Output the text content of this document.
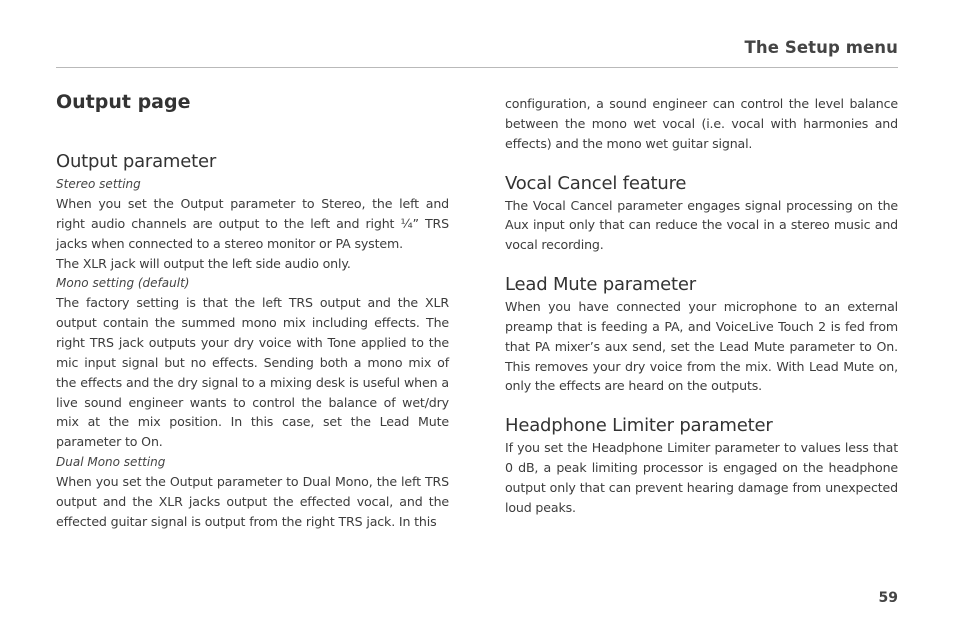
The Setup menu
Output page
Output parameter
Stereo setting

When you set the Output parameter to Stereo, the left and right audio channels are output to the left and right ¼” TRS jacks when connected to a stereo monitor or PA system.

The XLR jack will output the left side audio only.

Mono setting (default)

The factory setting is that the left TRS output and the XLR output contain the summed mono mix including effects. The right TRS jack outputs your dry voice with Tone applied to the mic input signal but no effects. Sending both a mono mix of the effects and the dry signal to a mixing desk is useful when a live sound engineer wants to control the balance of wet/dry mix at the mix position. In this case, set the Lead Mute parameter to On.

Dual Mono setting

When you set the Output parameter to Dual Mono, the left TRS output and the XLR jacks output the effected vocal, and the effected guitar signal is output from the right TRS jack. In this

configuration, a sound engineer can control the level balance between the mono wet vocal (i.e. vocal with harmonies and effects) and the mono wet guitar signal.

Vocal Cancel feature

The Vocal Cancel parameter engages signal processing on the Aux input only that can reduce the vocal in a stereo music and vocal recording.

Lead Mute parameter

When you have connected your microphone to an external preamp that is feeding a PA, and VoiceLive Touch 2 is fed from that PA mixer’s aux send, set the Lead Mute parameter to On. This removes your dry voice from the mix. With Lead Mute on, only the effects are heard on the outputs.

Headphone Limiter parameter

If you set the Headphone Limiter parameter to values less that 0 dB, a peak limiting processor is engaged on the headphone output only that can prevent hearing damage from unexpected loud peaks.

59
